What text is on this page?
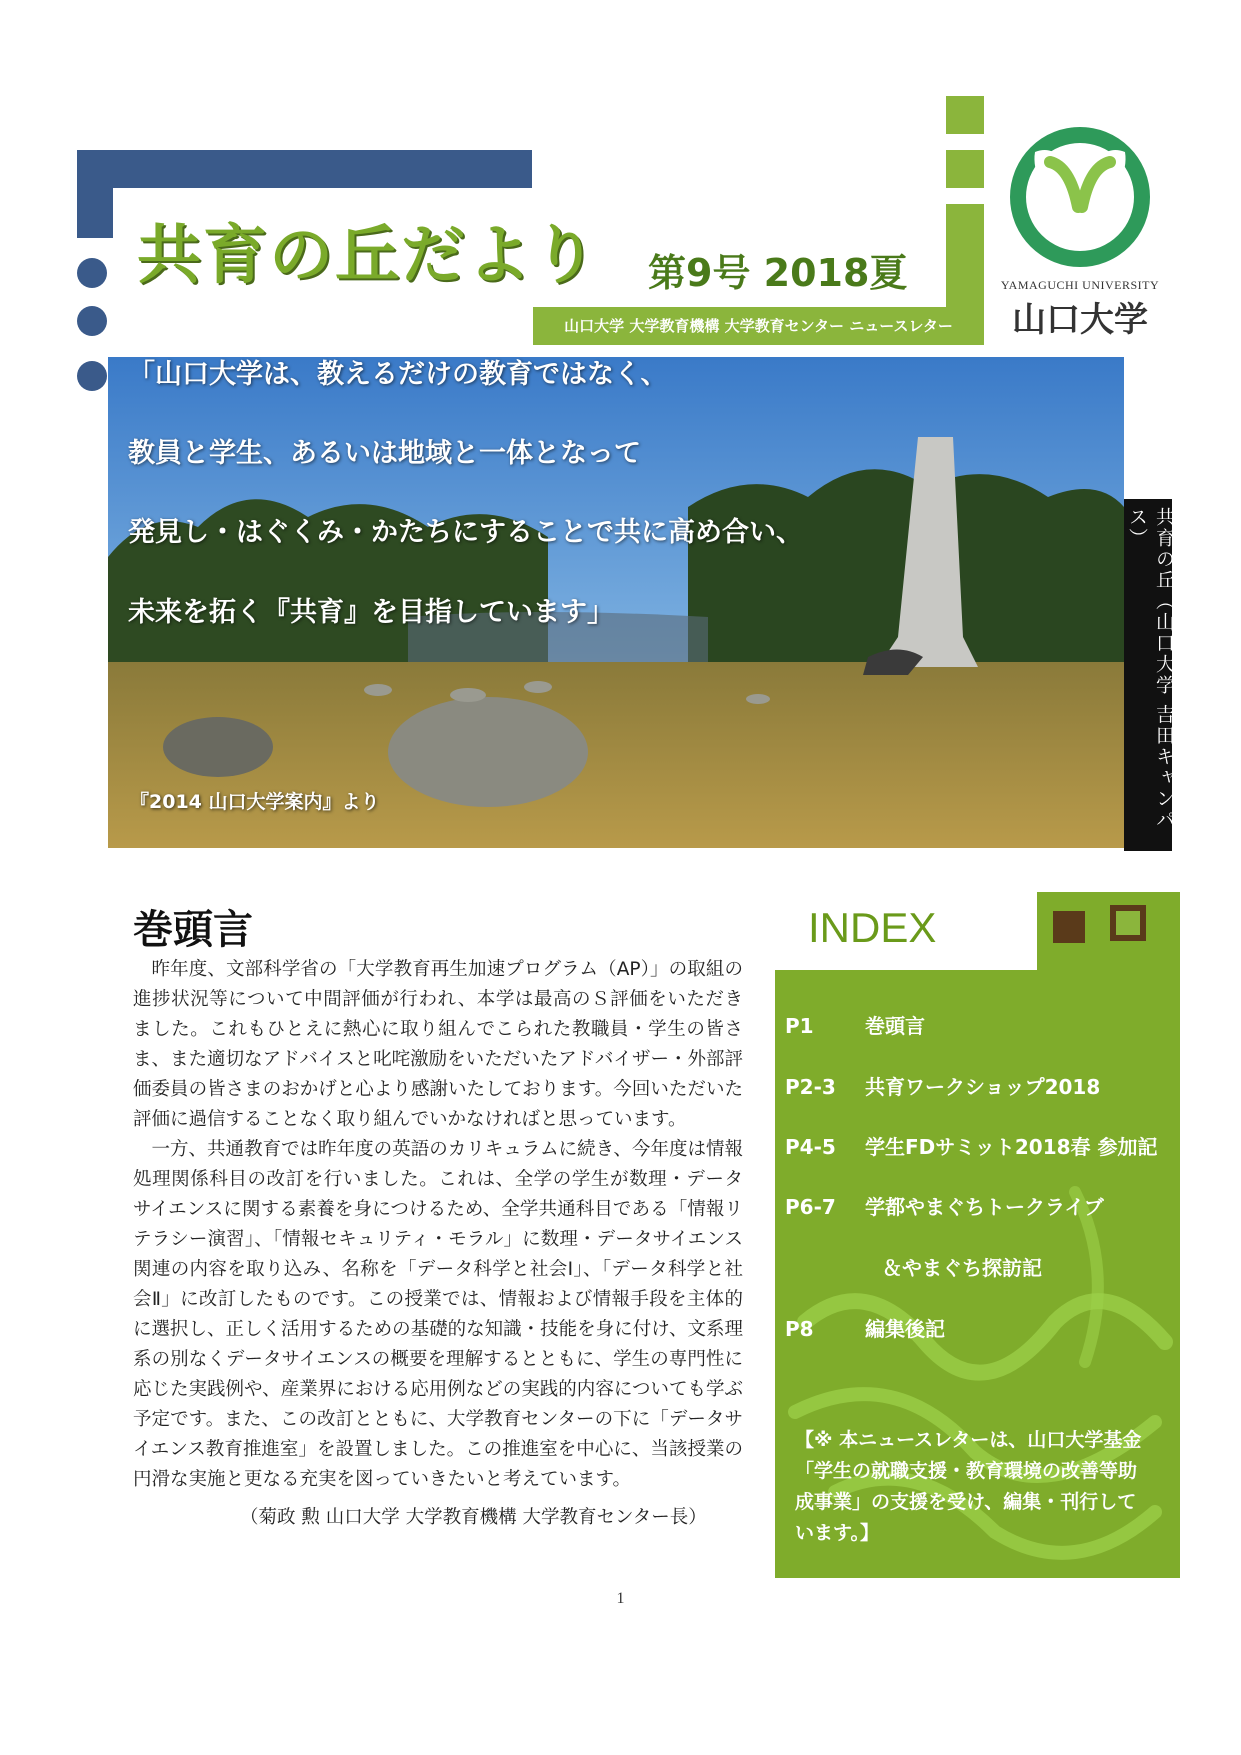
共育の丘だより 第9号 2018夏
山口大学 大学教育機構 大学教育センター ニュースレター
YAMAGUCHI UNIVERSITY
山口大学
「山口大学は、教えるだけの教育ではなく、
教員と学生、あるいは地域と一体となって
発見し・はぐくみ・かたちにすることで共に高め合い、
未来を拓く『共育』を目指しています」
『2014 山口大学案内』より	共育の丘（山口大学 吉田キャンパス）
巻頭言

昨年度、文部科学省の「大学教育再生加速プログラム（AP）」の取組の進捗状況等について中間評価が行われ、本学は最高のＳ評価をいただきました。これもひとえに熱心に取り組んでこられた教職員・学生の皆さま、また適切なアドバイスと叱咤激励をいただいたアドバイザー・外部評価委員の皆さまのおかげと心より感謝いたしております。今回いただいた評価に過信することなく取り組んでいかなければと思っています。

一方、共通教育では昨年度の英語のカリキュラムに続き、今年度は情報処理関係科目の改訂を行いました。これは、全学の学生が数理・データサイエンスに関する素養を身につけるため、全学共通科目である「情報リテラシー演習」、「情報セキュリティ・モラル」に数理・データサイエンス関連の内容を取り込み、名称を「データ科学と社会Ⅰ」、「データ科学と社会Ⅱ」に改訂したものです。この授業では、情報および情報手段を主体的に選択し、正しく活用するための基礎的な知識・技能を身に付け、文系理系の別なくデータサイエンスの概要を理解するとともに、学生の専門性に応じた実践例や、産業界における応用例などの実践的内容についても学ぶ予定です。また、この改訂とともに、大学教育センターの下に「データサイエンス教育推進室」を設置しました。この推進室を中心に、当該授業の円滑な実施と更なる充実を図っていきたいと考えています。

（菊政 勲 山口大学 大学教育機構 大学教育センター長）
INDEX
P1	巻頭言
P2-3 共育ワークショップ2018
P4-5 学生FDサミット2018春 参加記
P6-7 学都やまぐちトークライブ
＆やまぐち探訪記
P8	編集後記
【※ 本ニュースレターは、山口大学基金「学生の就職支援・教育環境の改善等助成事業」の支援を受け、編集・刊行しています。】
1
